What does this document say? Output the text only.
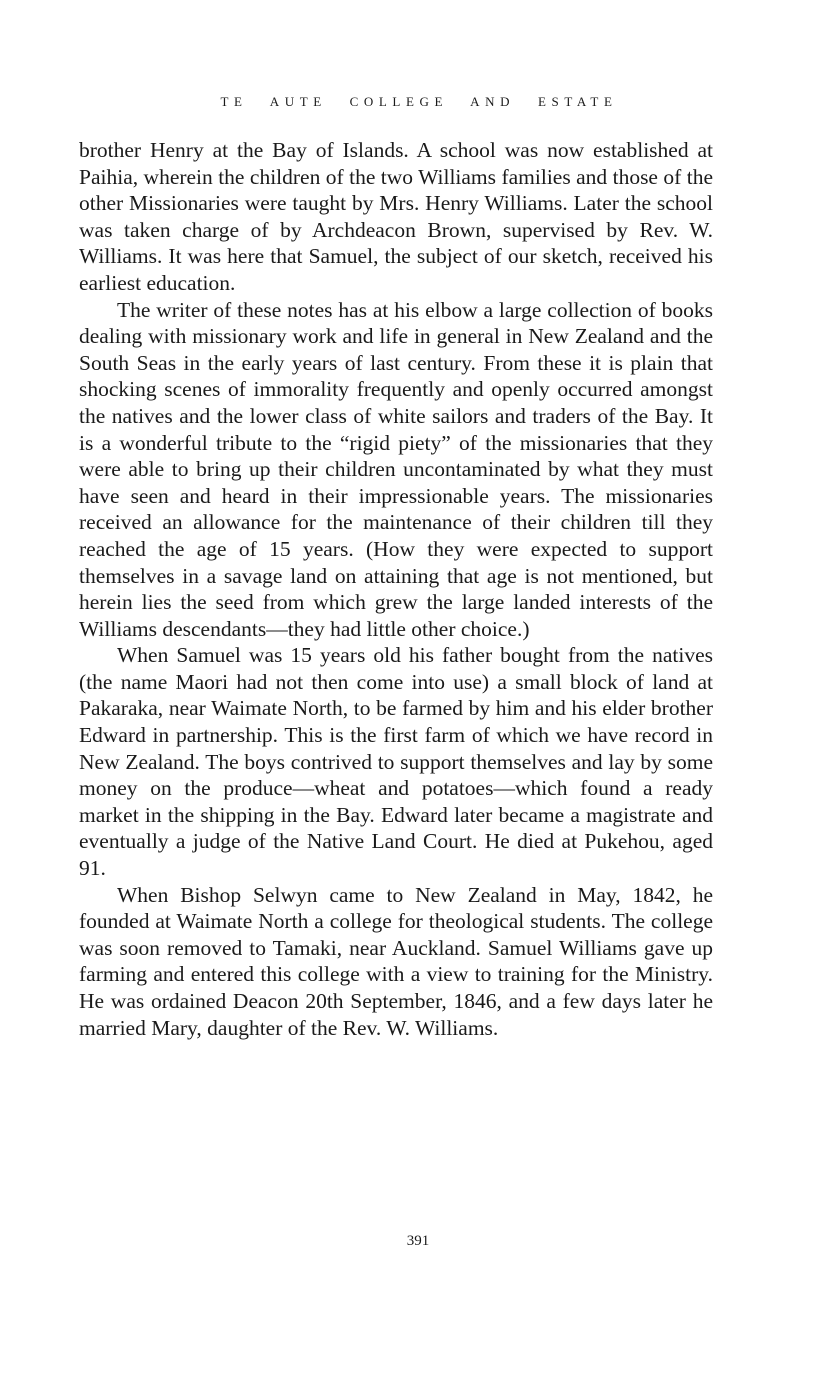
TE AUTE COLLEGE AND ESTATE

brother Henry at the Bay of Islands. A school was now established at Paihia, wherein the children of the two Williams families and those of the other Missionaries were taught by Mrs. Henry Williams. Later the school was taken charge of by Archdeacon Brown, supervised by Rev. W. Williams. It was here that Samuel, the subject of our sketch, received his earliest education.

The writer of these notes has at his elbow a large collection of books dealing with missionary work and life in general in New Zealand and the South Seas in the early years of last century. From these it is plain that shocking scenes of immorality frequently and openly occurred amongst the natives and the lower class of white sailors and traders of the Bay. It is a wonderful tribute to the “rigid piety” of the missionaries that they were able to bring up their children uncontaminated by what they must have seen and heard in their impressionable years. The missionaries received an allowance for the maintenance of their children till they reached the age of 15 years. (How they were expected to support themselves in a savage land on attaining that age is not mentioned, but herein lies the seed from which grew the large landed interests of the Williams descendants—they had little other choice.)

When Samuel was 15 years old his father bought from the natives (the name Maori had not then come into use) a small block of land at Pakaraka, near Waimate North, to be farmed by him and his elder brother Edward in partnership. This is the first farm of which we have record in New Zealand. The boys contrived to support themselves and lay by some money on the produce—wheat and potatoes—which found a ready market in the shipping in the Bay. Edward later became a magistrate and eventually a judge of the Native Land Court. He died at Pukehou, aged 91.

When Bishop Selwyn came to New Zealand in May, 1842, he founded at Waimate North a college for theological students. The college was soon removed to Tamaki, near Auckland. Samuel Williams gave up farming and entered this college with a view to training for the Ministry. He was ordained Deacon 20th September, 1846, and a few days later he married Mary, daughter of the Rev. W. Williams.

391
